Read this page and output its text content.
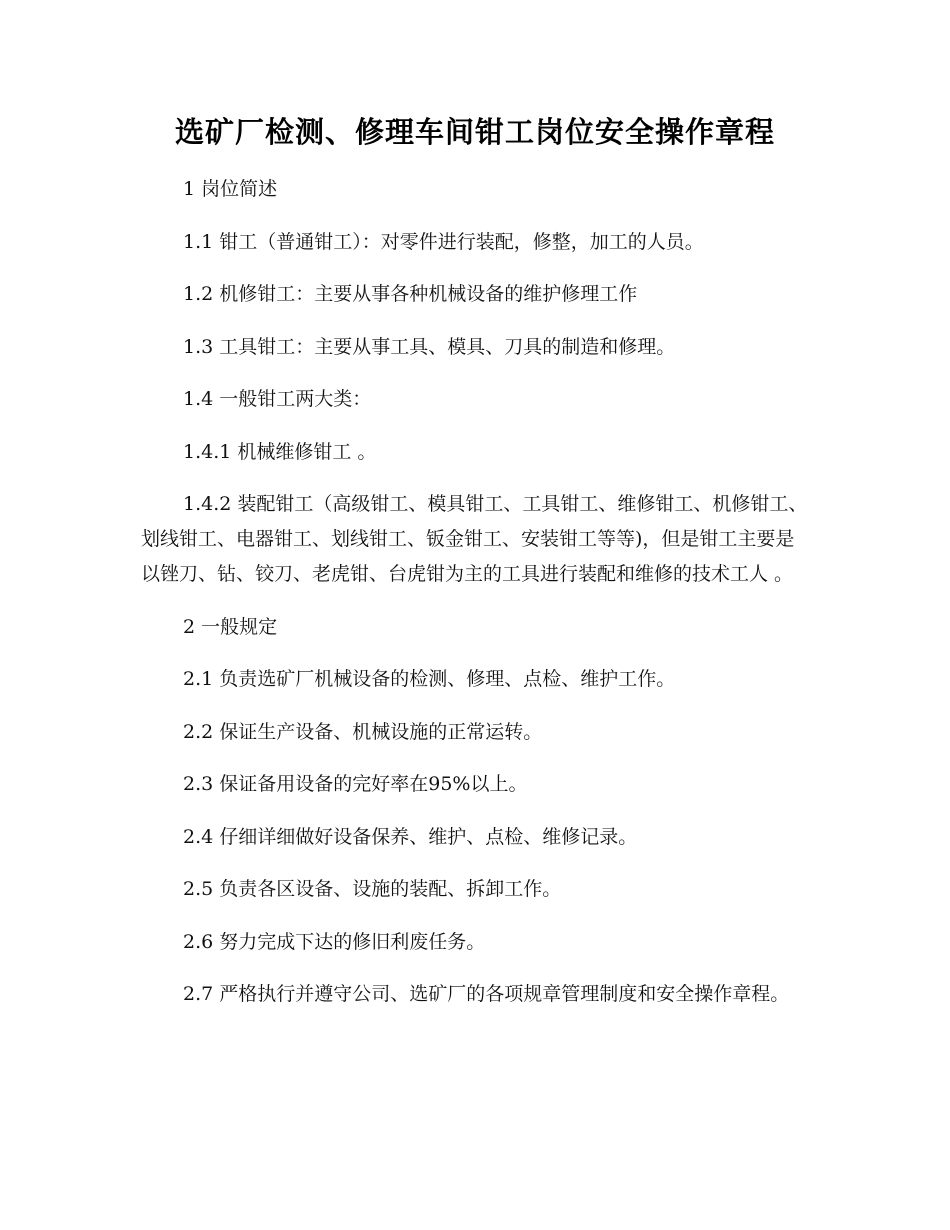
选矿厂检测、修理车间钳工岗位安全操作章程

1 岗位简述

1.1 钳工（普通钳工）：对零件进行装配，修整，加工的人员。

1.2 机修钳工：主要从事各种机械设备的维护修理工作

1.3 工具钳工：主要从事工具、模具、刀具的制造和修理。

1.4 一般钳工两大类：

1.4.1 机械维修钳工 。

1.4.2 装配钳工（高级钳工、模具钳工、工具钳工、维修钳工、机修钳工、划线钳工、电器钳工、划线钳工、钣金钳工、安装钳工等等)，但是钳工主要是以锉刀、钻、铰刀、老虎钳、台虎钳为主的工具进行装配和维修的技术工人 。

2 一般规定

2.1 负责选矿厂机械设备的检测、修理、点检、维护工作。

2.2 保证生产设备、机械设施的正常运转。

2.3 保证备用设备的完好率在95%以上。

2.4 仔细详细做好设备保养、维护、点检、维修记录。

2.5 负责各区设备、设施的装配、拆卸工作。

2.6 努力完成下达的修旧利废任务。

2.7 严格执行并遵守公司、选矿厂的各项规章管理制度和安全操作章程。
